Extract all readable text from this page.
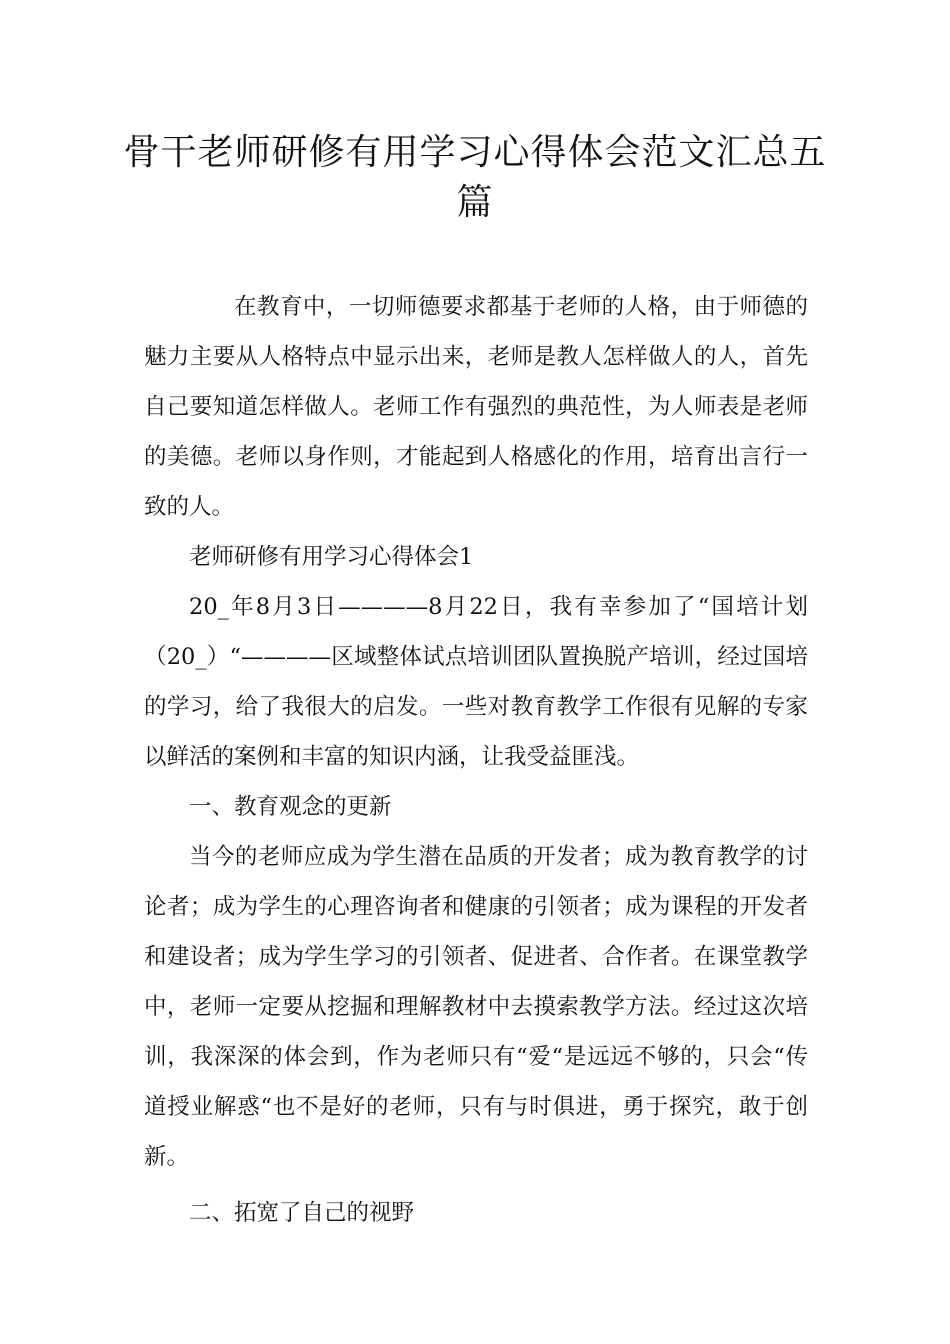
骨干老师研修有用学习心得体会范文汇总五篇

在教育中，一切师德要求都基于老师的人格，由于师德的魅力主要从人格特点中显示出来，老师是教人怎样做人的人，首先自己要知道怎样做人。老师工作有强烈的典范性，为人师表是老师的美德。老师以身作则，才能起到人格感化的作用，培育出言行一致的人。

老师研修有用学习心得体会1

20_年8月3日————8月22日，我有幸参加了“国培计划（20_）“————区域整体试点培训团队置换脱产培训，经过国培的学习，给了我很大的启发。一些对教育教学工作很有见解的专家以鲜活的案例和丰富的知识内涵，让我受益匪浅。

一、教育观念的更新

当今的老师应成为学生潜在品质的开发者；成为教育教学的讨论者；成为学生的心理咨询者和健康的引领者；成为课程的开发者和建设者；成为学生学习的引领者、促进者、合作者。在课堂教学中，老师一定要从挖掘和理解教材中去摸索教学方法。经过这次培训，我深深的体会到，作为老师只有“爱“是远远不够的，只会“传道授业解惑“也不是好的老师，只有与时俱进，勇于探究，敢于创新。

二、拓宽了自己的视野
